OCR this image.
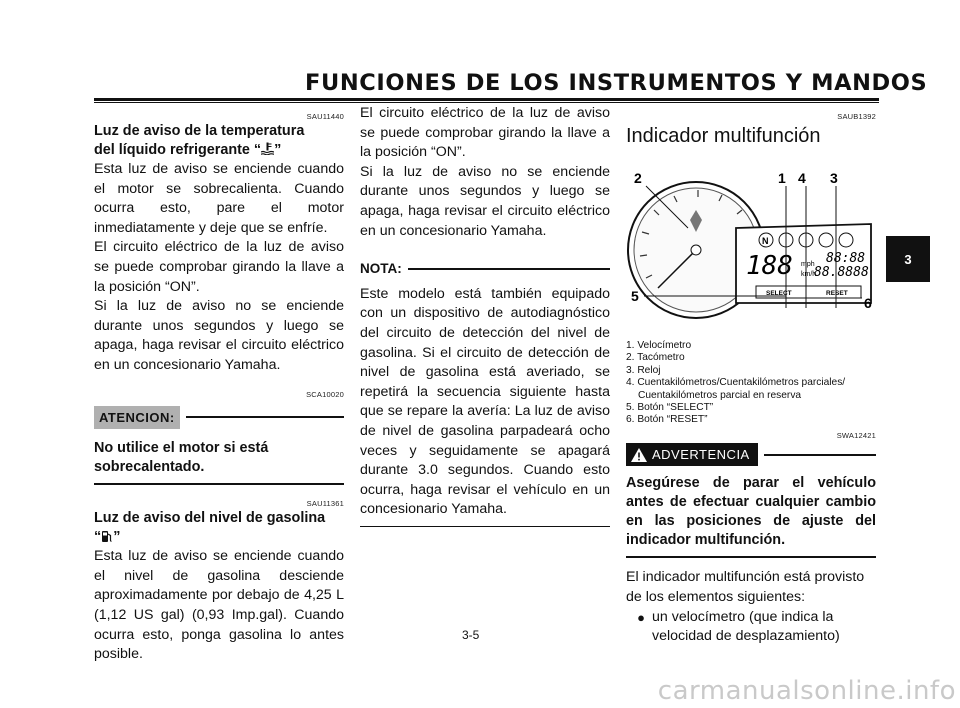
FUNCIONES DE LOS INSTRUMENTOS Y MANDOS
SAU11440
Luz de aviso de la temperatura
del líquido refrigerante “ ”

Esta luz de aviso se enciende cuando el motor se sobrecalienta. Cuando ocurra esto, pare el motor inmediatamente y deje que se enfríe.

El circuito eléctrico de la luz de aviso se puede comprobar girando la llave a la posición “ON”.

Si la luz de aviso no se enciende durante unos segundos y luego se apaga, haga revisar el circuito eléctrico en un concesionario Yamaha.

SCA10020
ATENCION:
No utilice el motor si está sobrecalentado.
SAU11361
Luz de aviso del nivel de gasolina
“ ”

Esta luz de aviso se enciende cuando el nivel de gasolina desciende aproximadamente por debajo de 4,25 L (1,12 US gal) (0,93 Imp.gal). Cuando ocurra esto, ponga gasolina lo antes posible.

El circuito eléctrico de la luz de aviso se puede comprobar girando la llave a la posición “ON”.

Si la luz de aviso no se enciende durante unos segundos y luego se apaga, haga revisar el circuito eléctrico en un concesionario Yamaha.

NOTA:

Este modelo está también equipado con un dispositivo de autodiagnóstico del circuito de detección del nivel de gasolina. Si el circuito de detección de nivel de gasolina está averiado, se repetirá la secuencia siguiente hasta que se repare la avería: La luz de aviso de nivel de gasolina parpadeará ocho veces y seguidamente se apagará durante 3.0 segundos. Cuando esto ocurra, haga revisar el vehículo en un concesionario Yamaha.

SAUB1392
Indicador multifunción
N
188 mph
km/h
88:88
88.8888
SELECT	RESET
2	1 4 3
5	6
1. Velocímetro
2. Tacómetro
3. Reloj
4. Cuentakilómetros/Cuentakilómetros parciales/
Cuentakilómetros parcial en reserva
5. Botón “SELECT”
6. Botón “RESET”
SWA12421
ADVERTENCIA
Asegúrese de parar el vehículo antes de efectuar cualquier cambio en las posiciones de ajuste del indicador multifunción.

El indicador multifunción está provisto de los elementos siguientes:

● un velocímetro (que indica la velocidad de desplazamiento)
3-5
3
carmanualsonline.info
